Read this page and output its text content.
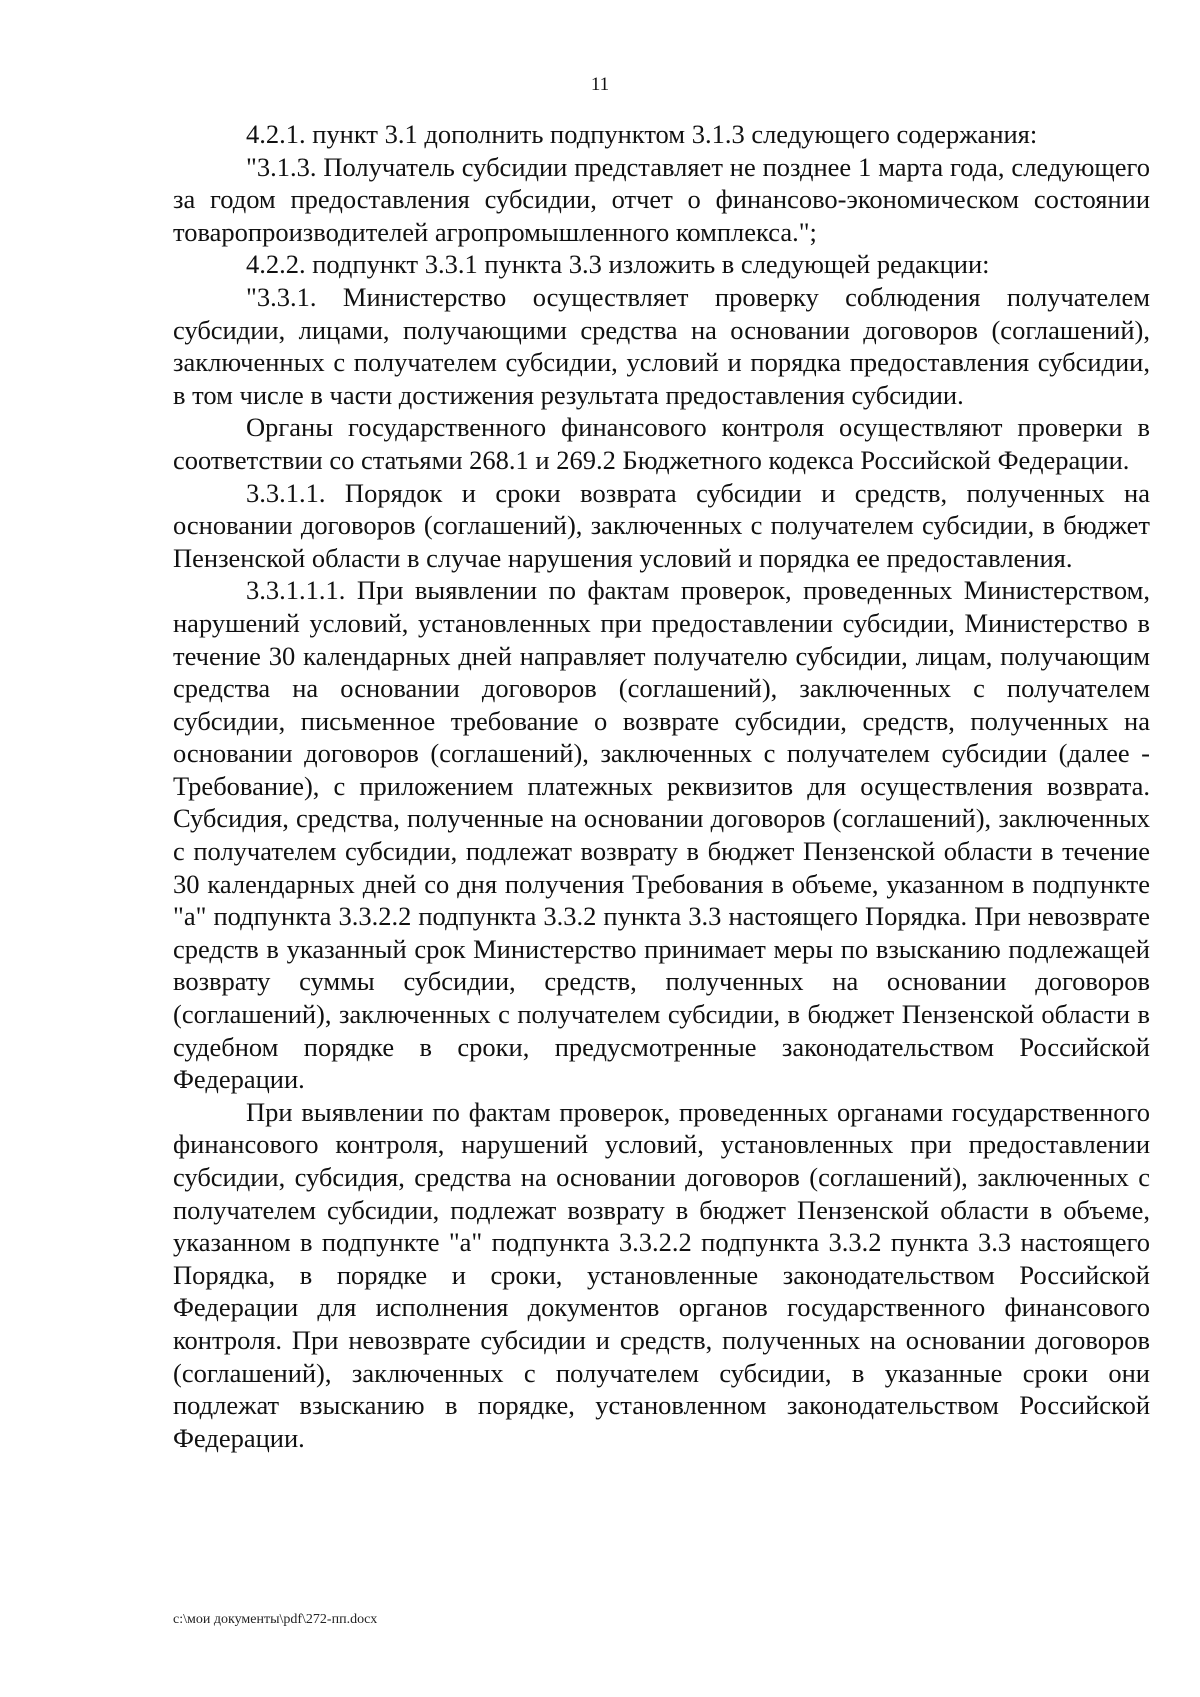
11

4.2.1. пункт 3.1 дополнить подпунктом 3.1.3 следующего содержания:

"3.1.3. Получатель субсидии представляет не позднее 1 марта года, следующего за годом предоставления субсидии, отчет о финансово-экономическом состоянии товаропроизводителей агропромышленного комплекса.";

4.2.2. подпункт 3.3.1 пункта 3.3 изложить в следующей редакции:

"3.3.1. Министерство осуществляет проверку соблюдения получателем субсидии, лицами, получающими средства на основании договоров (соглашений), заключенных с получателем субсидии, условий и порядка предоставления субсидии, в том числе в части достижения результата предоставления субсидии.

Органы государственного финансового контроля осуществляют проверки в соответствии со статьями 268.1 и 269.2 Бюджетного кодекса Российской Федерации.

3.3.1.1. Порядок и сроки возврата субсидии и средств, полученных на основании договоров (соглашений), заключенных с получателем субсидии, в бюджет Пензенской области в случае нарушения условий и порядка ее предоставления.

3.3.1.1.1. При выявлении по фактам проверок, проведенных Министерством, нарушений условий, установленных при предоставлении субсидии, Министерство в течение 30 календарных дней направляет получателю субсидии, лицам, получающим средства на основании договоров (соглашений), заключенных с получателем субсидии, письменное требование о возврате субсидии, средств, полученных на основании договоров (соглашений), заключенных с получателем субсидии (далее - Требование), с приложением платежных реквизитов для осуществления возврата. Субсидия, средства, полученные на основании договоров (соглашений), заключенных с получателем субсидии, подлежат возврату в бюджет Пензенской области в течение 30 календарных дней со дня получения Требования в объеме, указанном в подпункте "а" подпункта 3.3.2.2 подпункта 3.3.2 пункта 3.3 настоящего Порядка. При невозврате средств в указанный срок Министерство принимает меры по взысканию подлежащей возврату суммы субсидии, средств, полученных на основании договоров (соглашений), заключенных с получателем субсидии, в бюджет Пензенской области в судебном порядке в сроки, предусмотренные законодательством Российской Федерации.

При выявлении по фактам проверок, проведенных органами государственного финансового контроля, нарушений условий, установленных при предоставлении субсидии, субсидия, средства на основании договоров (соглашений), заключенных с получателем субсидии, подлежат возврату в бюджет Пензенской области в объеме, указанном в подпункте "а" подпункта 3.3.2.2 подпункта 3.3.2 пункта 3.3 настоящего Порядка, в порядке и сроки, установленные законодательством Российской Федерации для исполнения документов органов государственного финансового контроля. При невозврате субсидии и средств, полученных на основании договоров (соглашений), заключенных с получателем субсидии, в указанные сроки они подлежат взысканию в порядке, установленном законодательством Российской Федерации.

c:\мои документы\pdf\272-пп.docx
